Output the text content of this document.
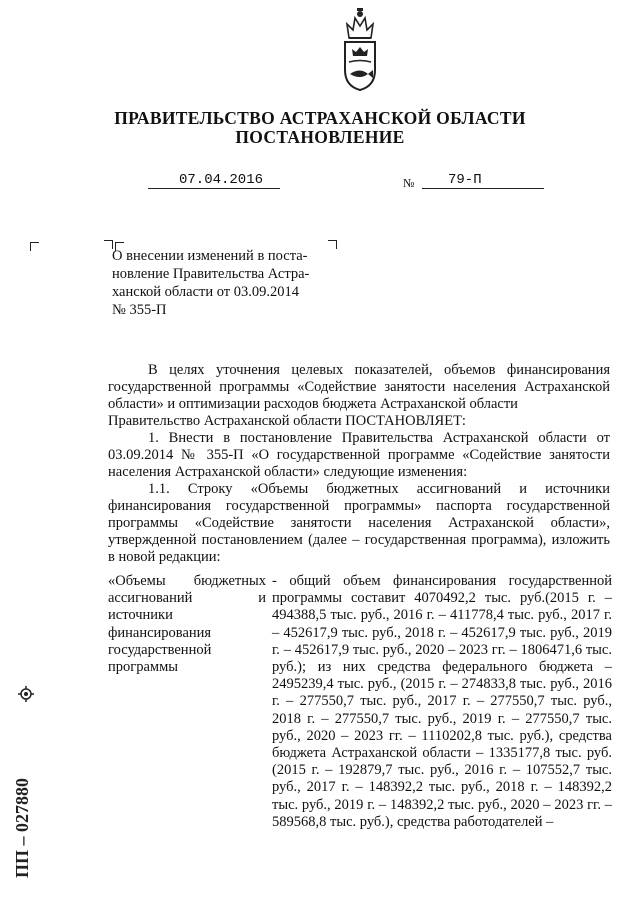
ПРАВИТЕЛЬСТВО АСТРАХАНСКОЙ ОБЛАСТИ
ПОСТАНОВЛЕНИЕ
07.04.2016	№ 79-П
О внесении изменений в поста-
новление Правительства Астра-
ханской области от 03.09.2014
№ 355-П

В целях уточнения целевых показателей, объемов финансирования государственной программы «Содействие занятости населения Астраханской области» и оптимизации расходов бюджета Астраханской области

Правительство Астраханской области ПОСТАНОВЛЯЕТ:

1. Внести в постановление Правительства Астраханской области от 03.09.2014 № 355-П «О государственной программе «Содействие занятости населения Астраханской области» следующие изменения:

1.1. Строку «Объемы бюджетных ассигнований и источники финансирования государственной программы» паспорта государственной программы «Содействие занятости населения Астраханской области», утвержденной постановлением (далее – государственная программа), изложить в новой редакции:

«Объемы бюджетных ассигнований и источники финансирования государственной программы
- общий объем финансирования государственной программы составит 4070492,2 тыс. руб.(2015 г. – 494388,5 тыс. руб., 2016 г. – 411778,4 тыс. руб., 2017 г. – 452617,9 тыс. руб., 2018 г. – 452617,9 тыс. руб., 2019 г. – 452617,9 тыс. руб., 2020 – 2023 гг. – 1806471,6 тыс. руб.); из них средства федерального бюджета – 2495239,4 тыс. руб., (2015 г. – 274833,8 тыс. руб., 2016 г. – 277550,7 тыс. руб., 2017 г. – 277550,7 тыс. руб., 2018 г. – 277550,7 тыс. руб., 2019 г. – 277550,7 тыс. руб., 2020 – 2023 гг. – 1110202,8 тыс. руб.), средства бюджета Астраханской области – 1335177,8 тыс. руб. (2015 г. – 192879,7 тыс. руб., 2016 г. – 107552,7 тыс. руб., 2017 г. – 148392,2 тыс. руб., 2018 г. – 148392,2 тыс. руб., 2019 г. – 148392,2 тыс. руб., 2020 – 2023 гг. – 589568,8 тыс. руб.), средства работодателей –
ПП – 027880
